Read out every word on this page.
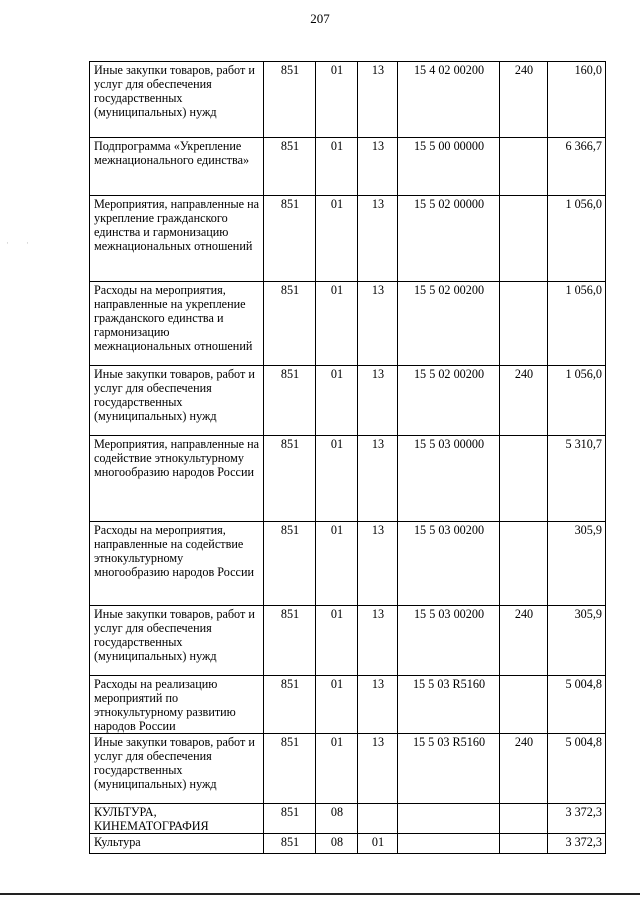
207
Иные закупки товаров, работ и услуг для обеспечения государственных (муниципальных) нужд	851	01	13	15 4 02 00200	240	160,0
Подпрограмма «Укрепление межнационального единства»	851	01	13	15 5 00 00000		6 366,7
Мероприятия, направленные на укрепление гражданского единства и гармонизацию межнациональных отношений	851	01	13	15 5 02 00000		1 056,0
Расходы на мероприятия, направленные на укрепление гражданского единства и гармонизацию межнациональных отношений	851	01	13	15 5 02 00200		1 056,0
Иные закупки товаров, работ и услуг для обеспечения государственных (муниципальных) нужд	851	01	13	15 5 02 00200	240	1 056,0
Мероприятия, направленные на содействие этнокультурному многообразию народов России	851	01	13	15 5 03 00000		5 310,7
Расходы на мероприятия, направленные на содействие этнокультурному многообразию народов России	851	01	13	15 5 03 00200		305,9
Иные закупки товаров, работ и услуг для обеспечения государственных (муниципальных) нужд	851	01	13	15 5 03 00200	240	305,9
Расходы на реализацию мероприятий по этнокультурному развитию народов России	851	01	13	15 5 03 R5160		5 004,8
Иные закупки товаров, работ и услуг для обеспечения государственных (муниципальных) нужд	851	01	13	15 5 03 R5160	240	5 004,8
КУЛЬТУРА, КИНЕМАТОГРАФИЯ	851	08				3 372,3
Культура	851	08	01			3 372,3
· ·
